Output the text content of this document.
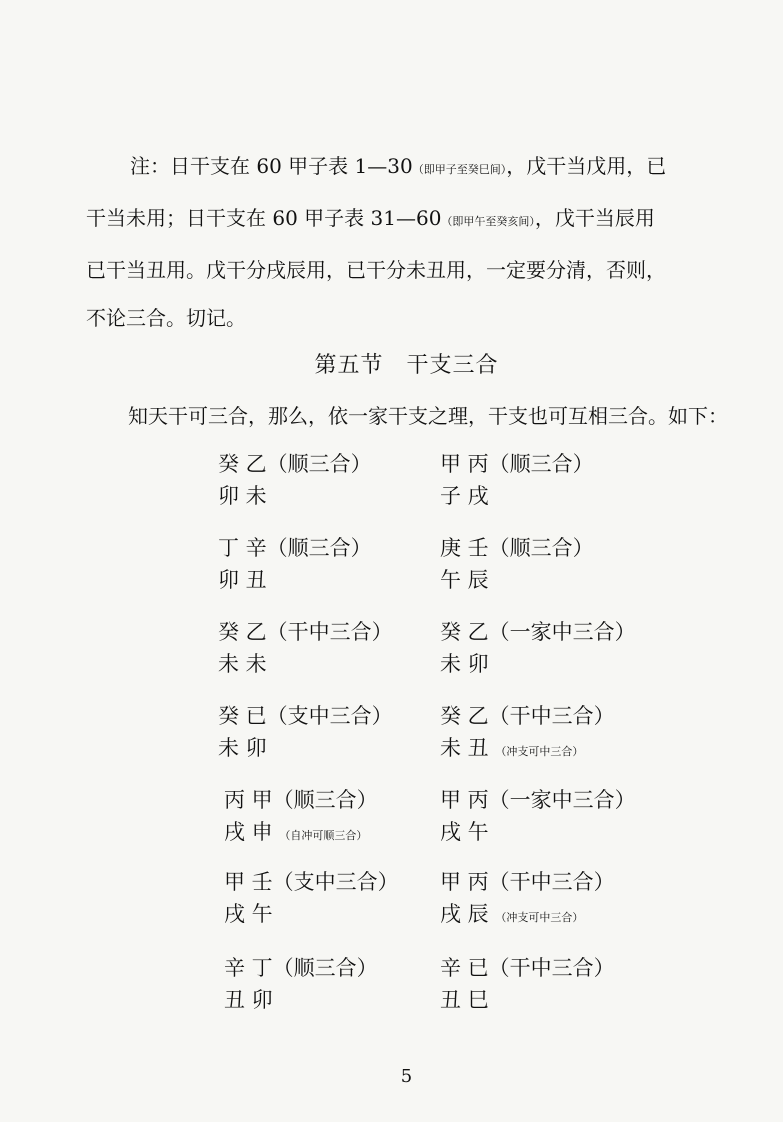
注：日干支在 60 甲子表 1—30（即甲子至癸巳间），戊干当戊用，已
干当未用；日干支在 60 甲子表 31—60（即甲午至癸亥间），戊干当辰用
已干当丑用。戊干分戌辰用，已干分未丑用，一定要分清，否则，
不论三合。切记。
第五节　干支三合
知天干可三合，那么，依一家干支之理，干支也可互相三合。如下：
癸 乙（顺三合）
卯 未
甲 丙（顺三合）
子 戌
丁 辛（顺三合）
卯 丑
庚 壬（顺三合）
午 辰
癸 乙（干中三合）
未 未
癸 乙（一家中三合）
未 卯
癸 已（支中三合）
未 卯
癸 乙（干中三合）
未 丑 （冲支可中三合）
丙 甲（顺三合）
戌 申 （自冲可顺三合）
甲 丙（一家中三合）
戌 午
甲 壬（支中三合）
戌 午
甲 丙（干中三合）
戌 辰 （冲支可中三合）
辛 丁（顺三合）
丑 卯
辛 已（干中三合）
丑 巳
5
